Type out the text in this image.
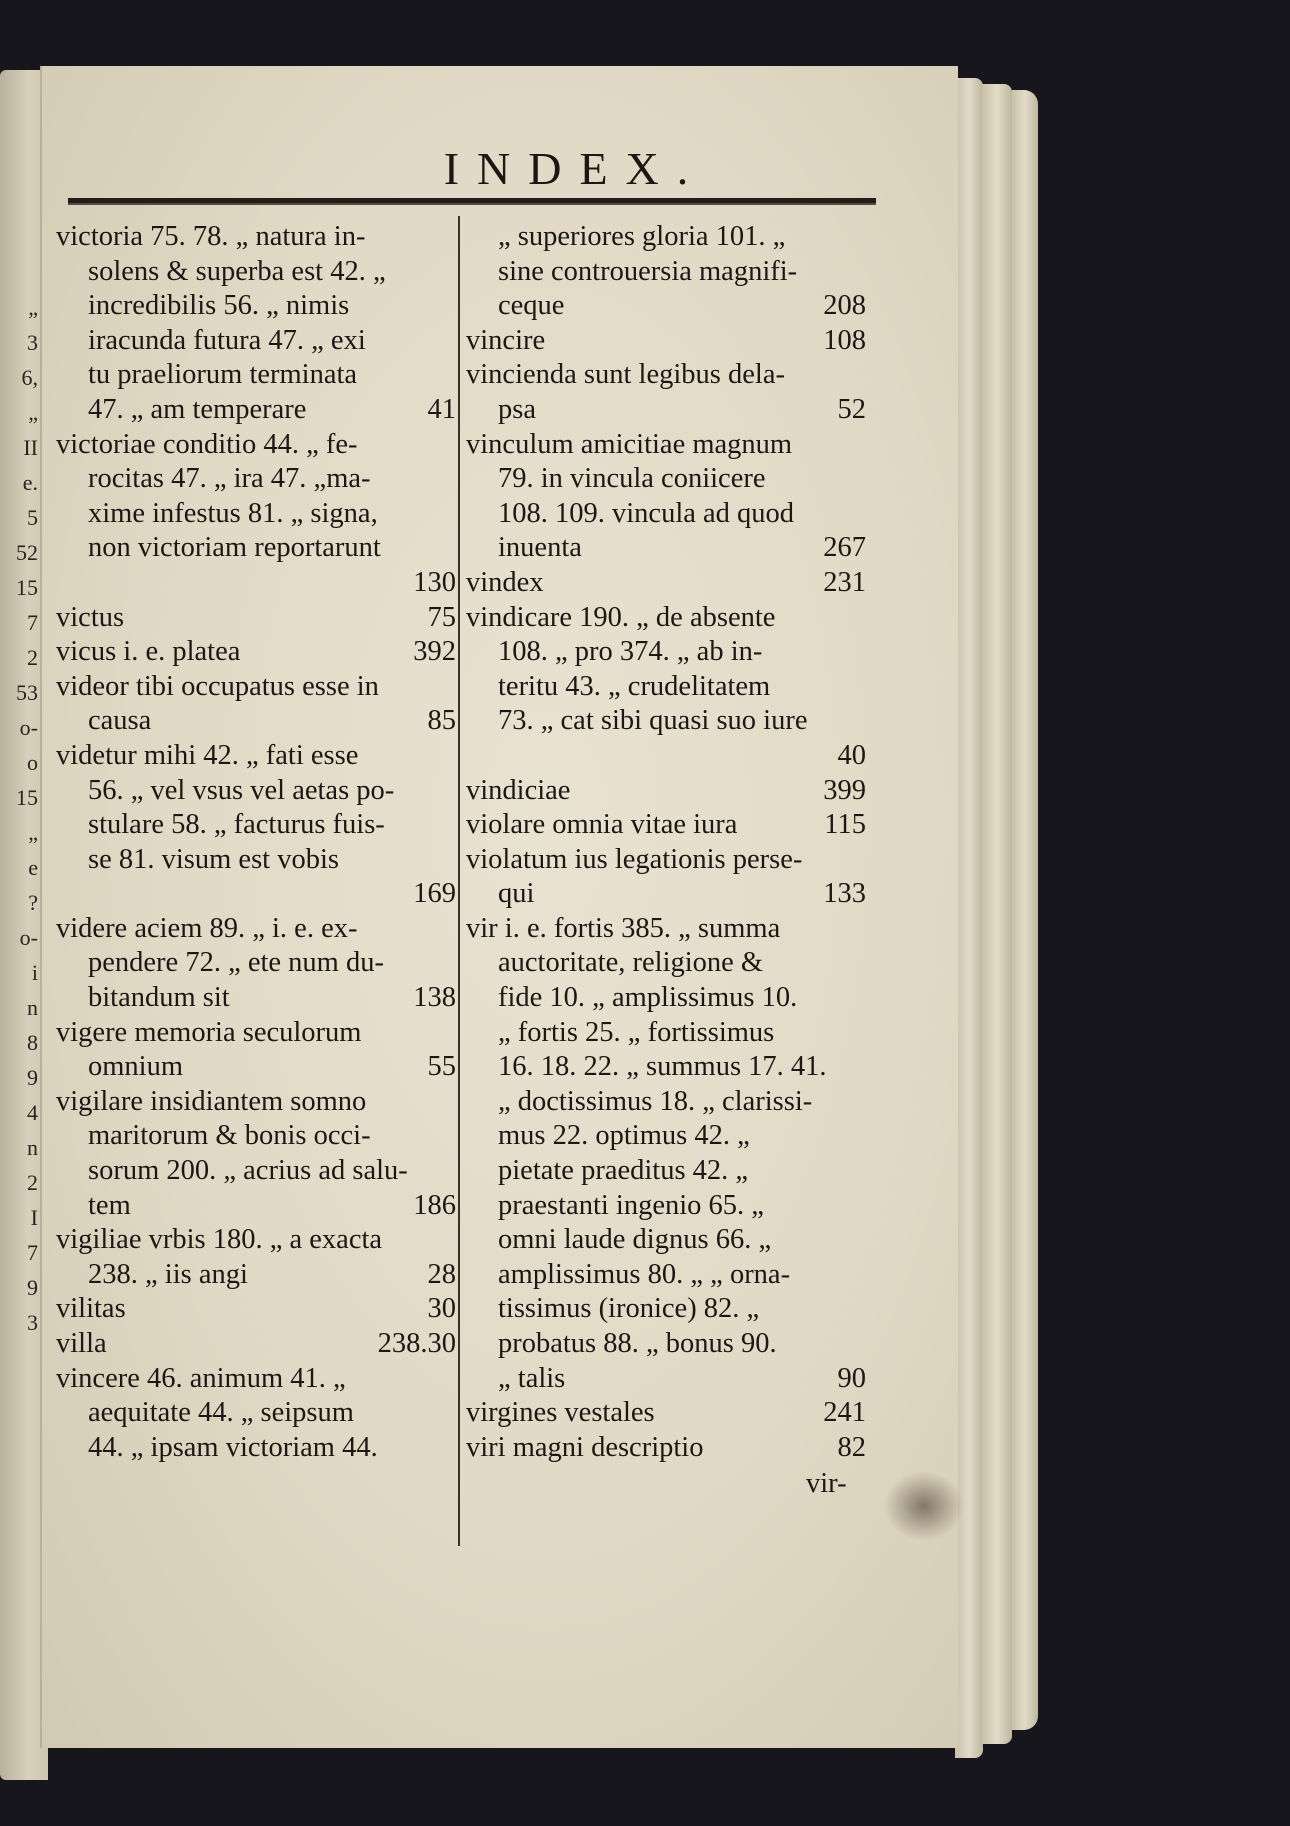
„
3
6,
„
II
e.
5
52
15
7
2
53
o-
o
15
„
e
?
o-
i
n
8
9
4
n
2
I
7
9
3
INDEX.
victoria 75. 78. „ natura in-
solens & superba est 42. „
incredibilis 56. „ nimis
iracunda futura 47. „ exi
tu praeliorum terminata
47. „ am temperare	41
victoriae conditio 44. „ fe-
rocitas 47. „ ira 47. „ma-
xime infestus 81. „ signa,
non victoriam reportarunt
130
victus	75
vicus i. e. platea	392
videor tibi occupatus esse in
causa	85
videtur mihi 42. „ fati esse
56. „ vel vsus vel aetas po-
stulare 58. „ facturus fuis-
se 81. visum est vobis
169
videre aciem 89. „ i. e. ex-
pendere 72. „ ete num du-
bitandum sit	138
vigere memoria seculorum
omnium	55
vigilare insidiantem somno
maritorum & bonis occi-
sorum 200. „ acrius ad salu-
tem	186
vigiliae vrbis 180. „ a exacta
238. „ iis angi	28
vilitas	30
villa	238.30
vincere 46. animum 41. „
aequitate 44. „ seipsum
44. „ ipsam victoriam 44.
„ superiores gloria 101. „
sine controuersia magnifi-
ceque	208
vincire	108
vincienda sunt legibus dela-
psa	52
vinculum amicitiae magnum
79. in vincula coniicere
108. 109. vincula ad quod
inuenta	267
vindex	231
vindicare 190. „ de absente
108. „ pro 374. „ ab in-
teritu 43. „ crudelitatem
73. „ cat sibi quasi suo iure
40
vindiciae	399
violare omnia vitae iura	115
violatum ius legationis perse-
qui	133
vir i. e. fortis 385. „ summa
auctoritate, religione &
fide 10. „ amplissimus 10.
„ fortis 25. „ fortissimus
16. 18. 22. „ summus 17. 41.
„ doctissimus 18. „ clarissi-
mus 22. optimus 42. „
pietate praeditus 42. „
praestanti ingenio 65. „
omni laude dignus 66. „
amplissimus 80. „ „ orna-
tissimus (ironice) 82. „
probatus 88. „ bonus 90.
„ talis	90
virgines vestales	241
viri magni descriptio	82
vir-
